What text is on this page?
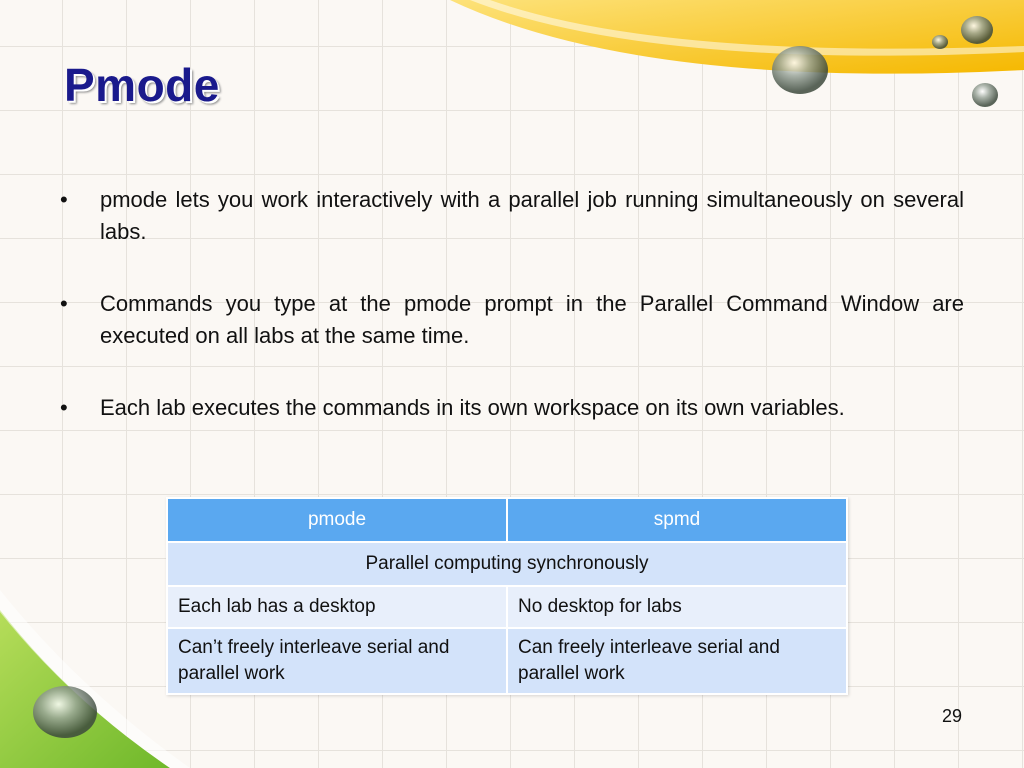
Pmode
• pmode lets you work interactively with a parallel job running simultaneously on several labs.
• Commands you type at the pmode prompt in the Parallel Command Window are executed on all labs at the same time.
• Each lab executes the commands in its own workspace on its own variables.
pmode	spmd
Parallel computing synchronously	
Each lab has a desktop	No desktop for labs
Can’t freely interleave serial and parallel work	Can freely interleave serial and parallel work
29
